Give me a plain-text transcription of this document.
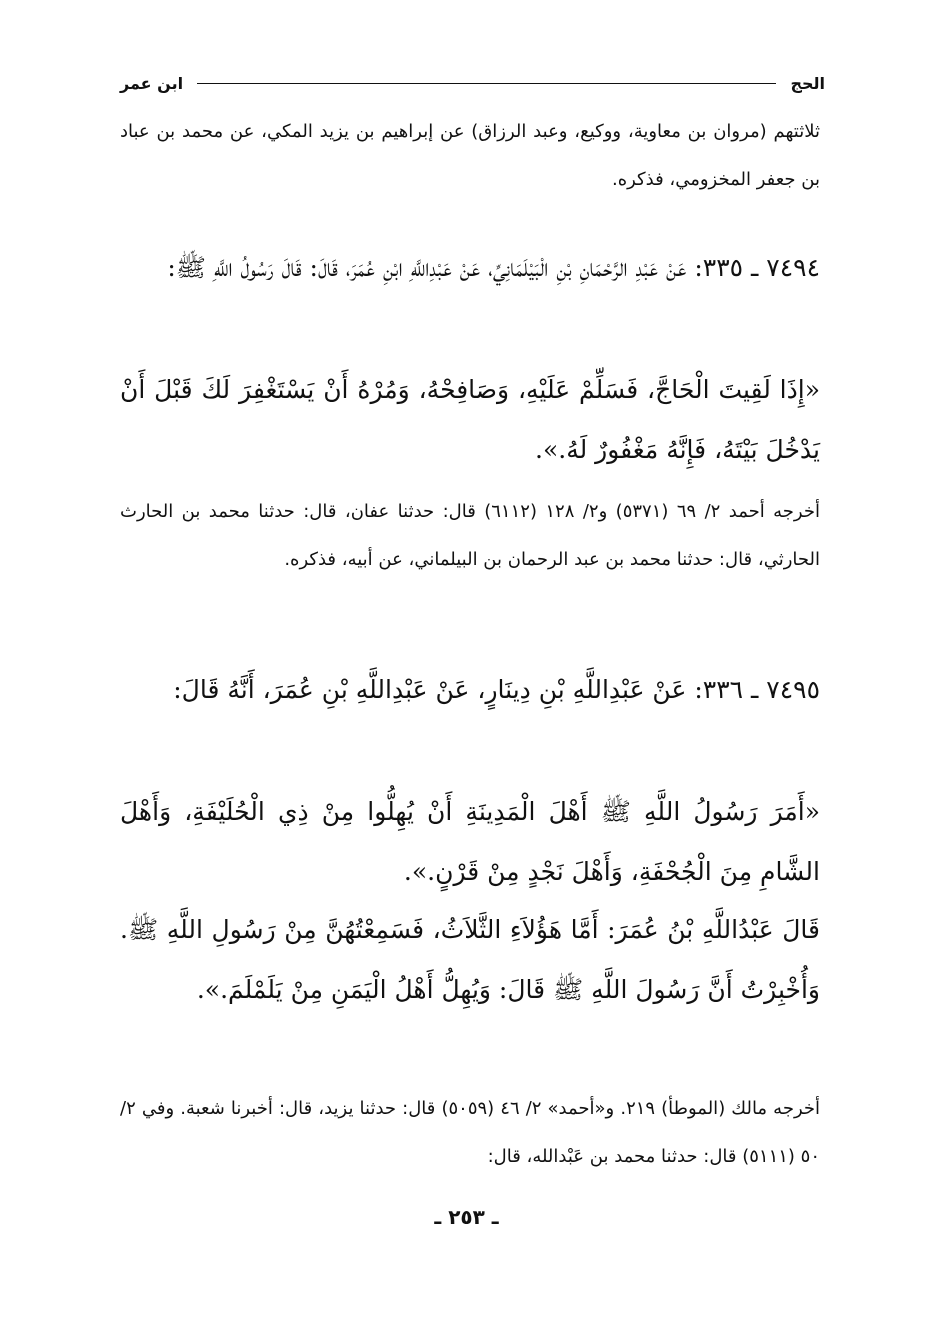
الحج
ابن عمر

ثلاثتهم (مروان بن معاوية، ووكيع، وعبد الرزاق) عن إبراهيم بن يزيد المكي، عن محمد بن عباد بن جعفر المخزومي، فذكره.

٧٤٩٤ ـ ٣٣٥: عَنْ عَبْدِ الرَّحْمَانِ بْنِ الْبَيْلَمَانِيِّ، عَنْ عَبْدِاللَّهِ ابْنِ عُمَرَ، قَالَ: قَالَ رَسُولُ اللَّهِ ﷺ:

«إِذَا لَقِيتَ الْحَاجَّ، فَسَلِّمْ عَلَيْهِ، وَصَافِحْهُ، وَمُرْهُ أَنْ يَسْتَغْفِرَ لَكَ قَبْلَ أَنْ يَدْخُلَ بَيْتَهُ، فَإِنَّهُ مَغْفُورٌ لَهُ.».

أخرجه أحمد ٢/ ٦٩ (٥٣٧١) و٢/ ١٢٨ (٦١١٢) قال: حدثنا عفان، قال: حدثنا محمد بن الحارث الحارثي، قال: حدثنا محمد بن عبد الرحمان بن البيلماني، عن أبيه، فذكره.

٧٤٩٥ ـ ٣٣٦: عَنْ عَبْدِاللَّهِ بْنِ دِينَارٍ، عَنْ عَبْدِاللَّهِ بْنِ عُمَرَ، أَنَّهُ قَالَ:

«أَمَرَ رَسُولُ اللَّهِ ﷺ أَهْلَ الْمَدِينَةِ أَنْ يُهِلُّوا مِنْ ذِي الْحُلَيْفَةِ، وَأَهْلَ الشَّامِ مِنَ الْجُحْفَةِ، وَأَهْلَ نَجْدٍ مِنْ قَرْنٍ.».

قَالَ عَبْدُاللَّهِ بْنُ عُمَرَ: أَمَّا هَؤُلاَءِ الثَّلاَثُ، فَسَمِعْتُهُنَّ مِنْ رَسُولِ اللَّهِ ﷺ. وَأُخْبِرْتُ أَنَّ رَسُولَ اللَّهِ ﷺ قَالَ: وَيُهِلُّ أَهْلُ الْيَمَنِ مِنْ يَلَمْلَمَ.».

أخرجه مالك (الموطأ) ٢١٩. و«أحمد» ٢/ ٤٦ (٥٠٥٩) قال: حدثنا يزيد، قال: أخبرنا شعبة. وفي ٢/ ٥٠ (٥١١١) قال: حدثنا محمد بن عَبْدالله، قال:

ـ ٢٥٣ ـ
